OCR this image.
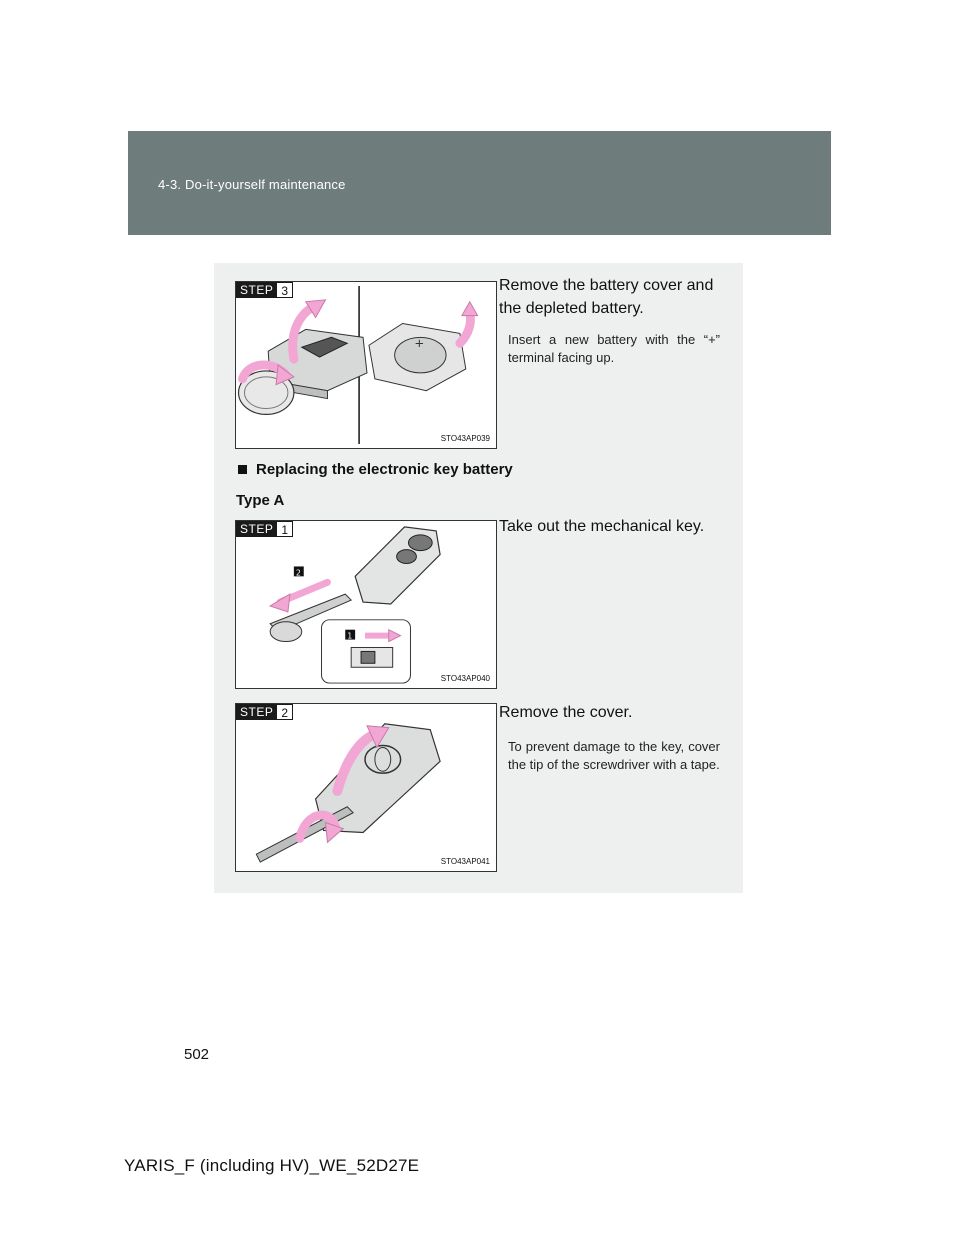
4-3. Do-it-yourself maintenance
STEP 3
+
STO43AP039
Remove the battery cover and the depleted battery.
Insert a new battery with the “+” terminal facing up.
Replacing the electronic key battery
Type A
STEP 1
2
1
STO43AP040
Take out the mechanical key.
STEP 2
STO43AP041
Remove the cover.
To prevent damage to the key, cover the tip of the screwdriver with a tape.
502
YARIS_F (including HV)_WE_52D27E
